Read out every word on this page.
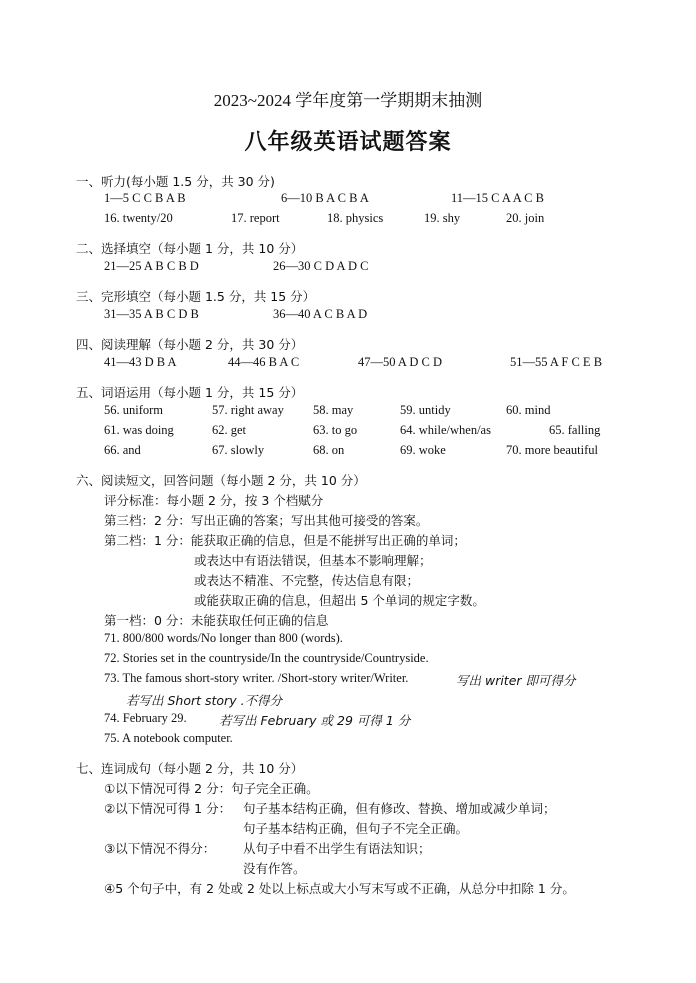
2023~2024 学年度第一学期期末抽测
八年级英语试题答案
一、听力(每小题 1.5 分，共 30 分)
1—5 C C B A B	6—10 B A C B A	11—15 C A A C B
16. twenty/20	17. report	18. physics	19. shy	20. join
二、选择填空（每小题 1 分，共 10 分）
21—25 A B C B D	26—30 C D A D C
三、完形填空（每小题 1.5 分，共 15 分）
31—35 A B C D B	36—40 A C B A D
四、阅读理解（每小题 2 分，共 30 分）
41—43 D B A	44—46 B A C	47—50 A D C D	51—55 A F C E B
五、词语运用（每小题 1 分，共 15 分）
56. uniform	57. right away 58. may	59. untidy	60. mind
61. was doing	62. get	63. to go	64. while/when/as	65. falling
66. and	67. slowly	68. on	69. woke	70. more beautiful
六、阅读短文，回答问题（每小题 2 分，共 10 分）
评分标准：每小题 2 分，按 3 个档赋分
第三档：2 分：写出正确的答案；写出其他可接受的答案。
第二档：1 分：能获取正确的信息，但是不能拼写出正确的单词；
或表达中有语法错误，但基本不影响理解；
或表达不精准、不完整，传达信息有限；
或能获取正确的信息，但超出 5 个单词的规定字数。
第一档：0 分：未能获取任何正确的信息
71. 800/800 words/No longer than 800 (words).
72. Stories set in the countryside/In the countryside/Countryside.
73. The famous short-story writer. /Short-story writer/Writer.	写出 writer 即可得分
若写出 Short story .不得分
74. February 29.	若写出 February 或 29 可得 1 分
75. A notebook computer.
七、连词成句（每小题 2 分，共 10 分）
①以下情况可得 2 分：句子完全正确。
②以下情况可得 1 分： 句子基本结构正确，但有修改、替换、增加或减少单词；
句子基本结构正确，但句子不完全正确。
③以下情况不得分： 从句子中看不出学生有语法知识；
没有作答。
④5 个句子中，有 2 处或 2 处以上标点或大小写末写或不正确，从总分中扣除 1 分。
